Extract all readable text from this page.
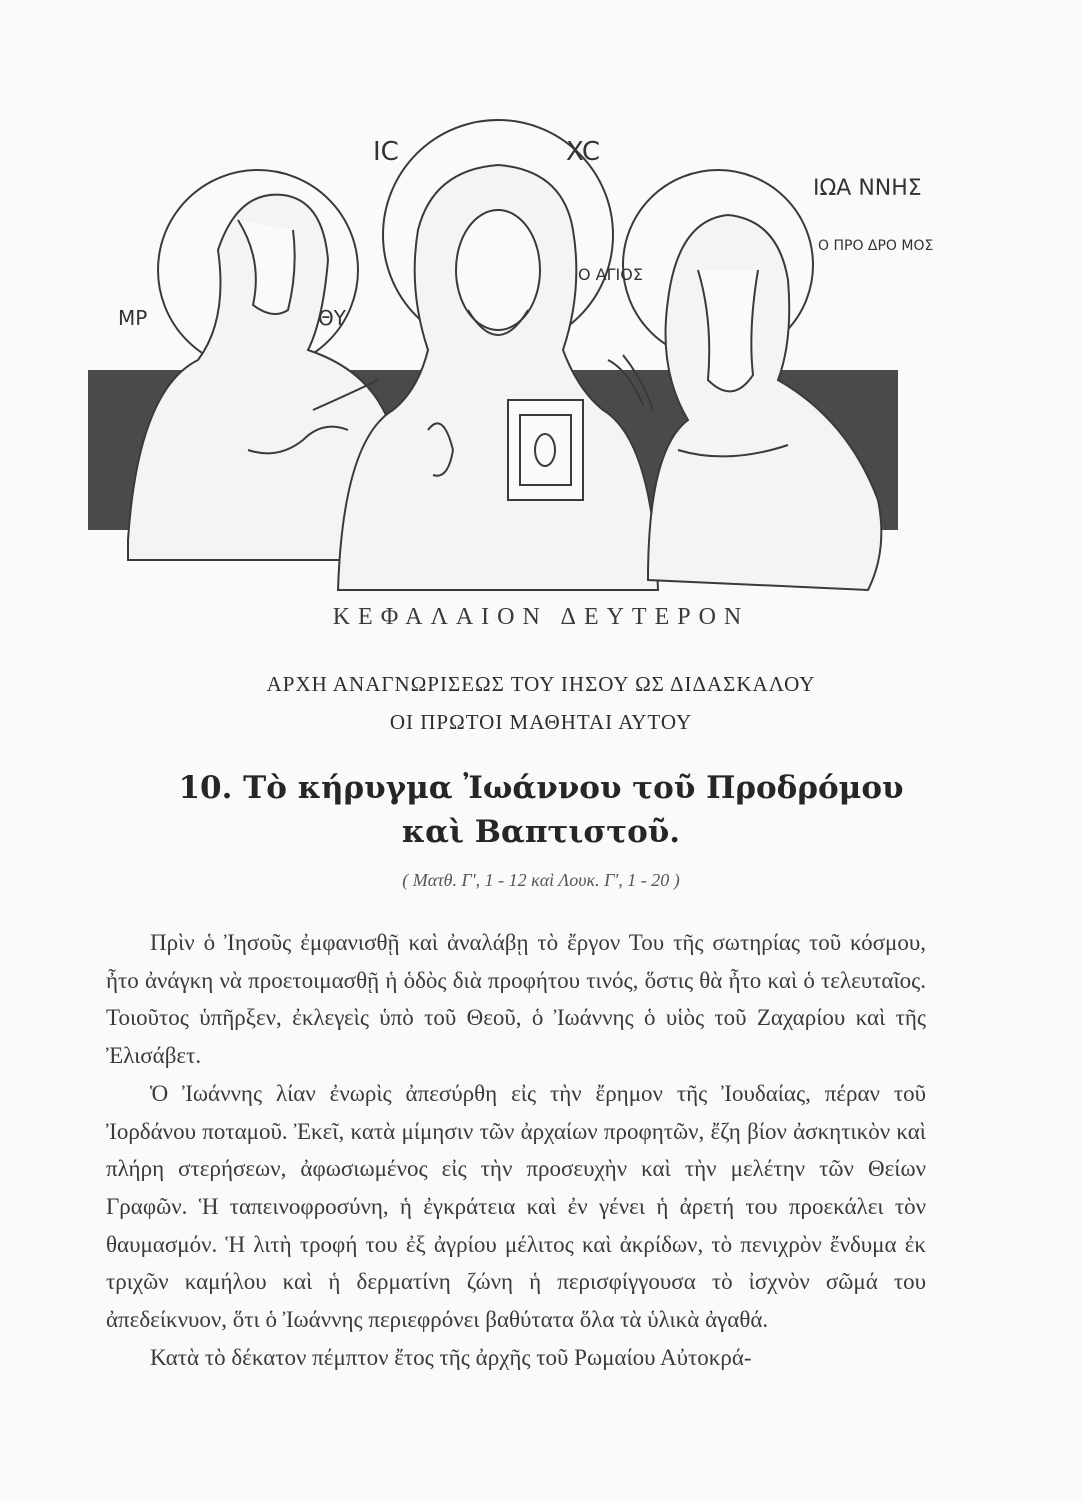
IC	XC
ΜΡ	ΘΥ
Ο ΑΓΙΟΣ
ΙΩΑ ΝΝΗΣ
Ο ΠΡΟ ΔΡΟ ΜΟΣ
ΚΕΦΑΛΑΙΟΝ ΔΕΥΤΕΡΟΝ
ΑΡΧΗ ΑΝΑΓΝΩΡΙΣΕΩΣ ΤΟΥ ΙΗΣΟΥ ΩΣ ΔΙΔΑΣΚΑΛΟΥ
ΟΙ ΠΡΩΤΟΙ ΜΑΘΗΤΑΙ ΑΥΤΟΥ
10. Τὸ κήρυγμα Ἰωάννου τοῦ Προδρόμου
καὶ Βαπτιστοῦ.
( Ματθ. Γ', 1 - 12 καὶ Λουκ. Γ', 1 - 20 )

Πρὶν ὁ Ἰησοῦς ἐμφανισθῇ καὶ ἀναλάβῃ τὸ ἔργον Του τῆς σωτηρίας τοῦ κόσμου, ἦτο ἀνάγκη νὰ προετοιμασθῇ ἡ ὁδὸς διὰ προφήτου τινός, ὅστις θὰ ἦτο καὶ ὁ τελευταῖος. Τοιοῦτος ὑπῆρξεν, ἐκλεγεὶς ὑπὸ τοῦ Θεοῦ, ὁ Ἰωάννης ὁ υἱὸς τοῦ Ζαχαρίου καὶ τῆς Ἐλισάβετ.

Ὁ Ἰωάννης λίαν ἐνωρὶς ἀπεσύρθη εἰς τὴν ἔρημον τῆς Ἰουδαίας, πέραν τοῦ Ἰορδάνου ποταμοῦ. Ἐκεῖ, κατὰ μίμησιν τῶν ἀρχαίων προφητῶν, ἔζη βίον ἀσκητικὸν καὶ πλήρη στερήσεων, ἀφωσιωμένος εἰς τὴν προσευχὴν καὶ τὴν μελέτην τῶν Θείων Γραφῶν. Ἡ ταπεινοφροσύνη, ἡ ἐγκράτεια καὶ ἐν γένει ἡ ἀρετή του προεκάλει τὸν θαυμασμόν. Ἡ λιτὴ τροφή του ἐξ ἀγρίου μέλιτος καὶ ἀκρίδων, τὸ πενιχρὸν ἔνδυμα ἐκ τριχῶν καμήλου καὶ ἡ δερματίνη ζώνη ἡ περισφίγγουσα τὸ ἰσχνὸν σῶμά του ἀπεδείκνυον, ὅτι ὁ Ἰωάννης περιεφρόνει βαθύτατα ὅλα τὰ ὑλικὰ ἀγαθά.

Κατὰ τὸ δέκατον πέμπτον ἔτος τῆς ἀρχῆς τοῦ Ρωμαίου Αὐτοκρά-
